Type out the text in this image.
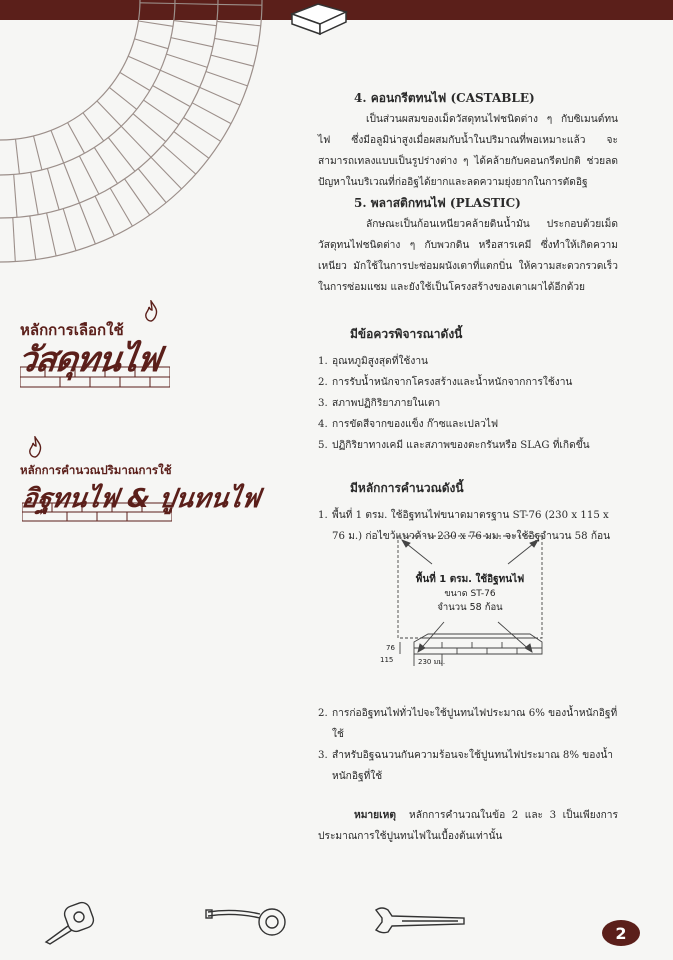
หลักการเลือกใช้
วัสดุทนไฟ
หลักการคำนวณปริมาณการใช้
อิฐทนไฟ & ปูนทนไฟ

4. คอนกรีตทนไฟ (CASTABLE)

เป็นส่วนผสมของเม็ดวัสดุทนไฟชนิดต่าง ๆ กับซิเมนต์ทนไฟ ซึ่งมีอลูมิน่าสูงเมื่อผสมกับน้ำในปริมาณที่พอเหมาะแล้ว จะสามารถเทลงแบบเป็นรูปร่างต่าง ๆ ได้คล้ายกับคอนกรีตปกติ ช่วยลดปัญหาในบริเวณที่ก่ออิฐได้ยากและลดความยุ่งยากในการตัดอิฐ

5. พลาสติกทนไฟ (PLASTIC)

ลักษณะเป็นก้อนเหนียวคล้ายดินน้ำมัน ประกอบด้วยเม็ดวัสดุทนไฟชนิดต่าง ๆ กับพวกดิน หรือสารเคมี ซึ่งทำให้เกิดความเหนียว มักใช้ในการปะซ่อมผนังเตาที่แตกบิ่น ให้ความสะดวกรวดเร็วในการซ่อมแซม และยังใช้เป็นโครงสร้างของเตาเผาได้อีกด้วย

มีข้อควรพิจารณาดังนี้

1. อุณหภูมิสูงสุดที่ใช้งาน
2. การรับน้ำหนักจากโครงสร้างและน้ำหนักจากการใช้งาน
3. สภาพปฏิกิริยาภายในเตา
4. การขัดสีจากของแข็ง ก๊าซและเปลวไฟ
5. ปฏิกิริยาทางเคมี และสภาพของตะกรันหรือ SLAG ที่เกิดขึ้น

มีหลักการคำนวณดังนี้

1. พื้นที่ 1 ตรม. ใช้อิฐทนไฟขนาดมาตรฐาน ST-76 (230 x 115 x 76 ม.) ก่อไขว้แนวด้าน 230 x 76 มม. จะใช้อิฐจำนวน 58 ก้อน
2. การก่ออิฐทนไฟทั่วไปจะใช้ปูนทนไฟประมาณ 6% ของน้ำหนักอิฐที่ใช้
3. สำหรับอิฐฉนวนกันความร้อนจะใช้ปูนทนไฟประมาณ 8% ของน้ำหนักอิฐที่ใช้

หมายเหตุ หลักการคำนวณในข้อ 2 และ 3 เป็นเพียงการประมาณการใช้ปูนทนไฟในเบื้องต้นเท่านั้น

พื้นที่ 1 ตรม. ใช้อิฐทนไฟ
ขนาด ST-76
จำนวน 58 ก้อน
76
115	230 มม.
2
